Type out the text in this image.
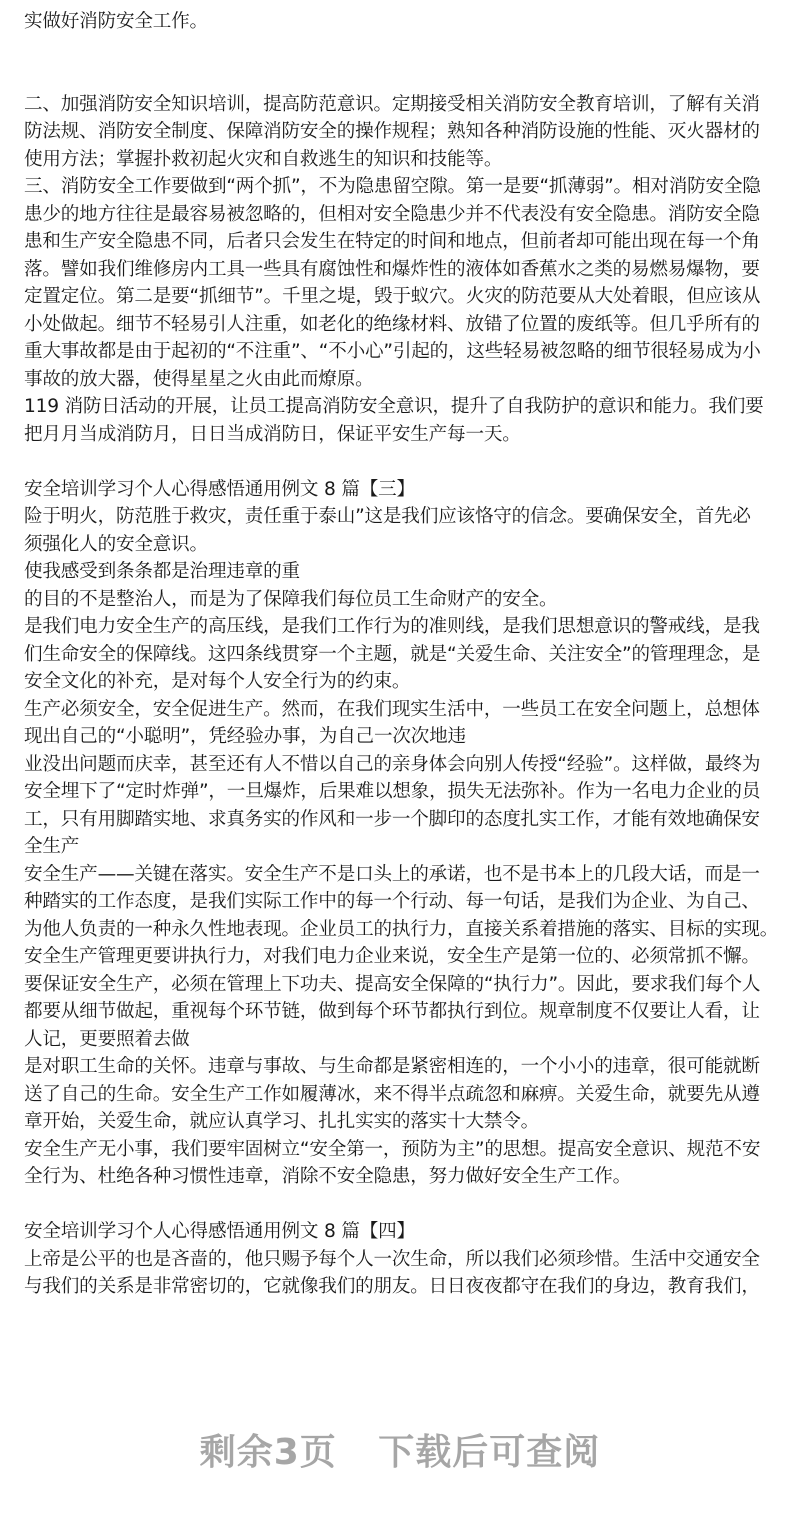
实做好消防安全工作。
二、加强消防安全知识培训，提高防范意识。定期接受相关消防安全教育培训，了解有关消
防法规、消防安全制度、保障消防安全的操作规程；熟知各种消防设施的性能、灭火器材的
使用方法；掌握扑救初起火灾和自救逃生的知识和技能等。
三、消防安全工作要做到“两个抓”，不为隐患留空隙。第一是要“抓薄弱”。相对消防安全隐
患少的地方往往是最容易被忽略的，但相对安全隐患少并不代表没有安全隐患。消防安全隐
患和生产安全隐患不同，后者只会发生在特定的时间和地点，但前者却可能出现在每一个角
落。譬如我们维修房内工具一些具有腐蚀性和爆炸性的液体如香蕉水之类的易燃易爆物，要
定置定位。第二是要“抓细节”。千里之堤，毁于蚁穴。火灾的防范要从大处着眼，但应该从
小处做起。细节不轻易引人注重，如老化的绝缘材料、放错了位置的废纸等。但几乎所有的
重大事故都是由于起初的“不注重”、“不小心”引起的，这些轻易被忽略的细节很轻易成为小
事故的放大器，使得星星之火由此而燎原。
119 消防日活动的开展，让员工提高消防安全意识，提升了自我防护的意识和能力。我们要
把月月当成消防月，日日当成消防日，保证平安生产每一天。
安全培训学习个人心得感悟通用例文 8 篇【三】
险于明火，防范胜于救灾，责任重于泰山”这是我们应该恪守的信念。要确保安全，首先必
须强化人的安全意识。
使我感受到条条都是治理违章的重
的目的不是整治人，而是为了保障我们每位员工生命财产的安全。
是我们电力安全生产的高压线，是我们工作行为的准则线，是我们思想意识的警戒线，是我
们生命安全的保障线。这四条线贯穿一个主题，就是“关爱生命、关注安全”的管理理念，是
安全文化的补充，是对每个人安全行为的约束。
生产必须安全，安全促进生产。然而，在我们现实生活中，一些员工在安全问题上，总想体
现出自己的“小聪明”，凭经验办事，为自己一次次地违
业没出问题而庆幸，甚至还有人不惜以自己的亲身体会向别人传授“经验”。这样做，最终为
安全埋下了“定时炸弹”，一旦爆炸，后果难以想象，损失无法弥补。作为一名电力企业的员
工，只有用脚踏实地、求真务实的作风和一步一个脚印的态度扎实工作，才能有效地确保安
全生产
安全生产——关键在落实。安全生产不是口头上的承诺，也不是书本上的几段大话，而是一
种踏实的工作态度，是我们实际工作中的每一个行动、每一句话，是我们为企业、为自己、
为他人负责的一种永久性地表现。企业员工的执行力，直接关系着措施的落实、目标的实现。
安全生产管理更要讲执行力，对我们电力企业来说，安全生产是第一位的、必须常抓不懈。
要保证安全生产，必须在管理上下功夫、提高安全保障的“执行力”。因此，要求我们每个人
都要从细节做起，重视每个环节链，做到每个环节都执行到位。规章制度不仅要让人看，让
人记，更要照着去做
是对职工生命的关怀。违章与事故、与生命都是紧密相连的，一个小小的违章，很可能就断
送了自己的生命。安全生产工作如履薄冰，来不得半点疏忽和麻痹。关爱生命，就要先从遵
章开始，关爱生命，就应认真学习、扎扎实实的落实十大禁令。
安全生产无小事，我们要牢固树立“安全第一，预防为主”的思想。提高安全意识、规范不安
全行为、杜绝各种习惯性违章，消除不安全隐患，努力做好安全生产工作。
安全培训学习个人心得感悟通用例文 8 篇【四】
上帝是公平的也是吝啬的，他只赐予每个人一次生命，所以我们必须珍惜。生活中交通安全
与我们的关系是非常密切的，它就像我们的朋友。日日夜夜都守在我们的身边，教育我们，
剩余3页 下载后可查阅
